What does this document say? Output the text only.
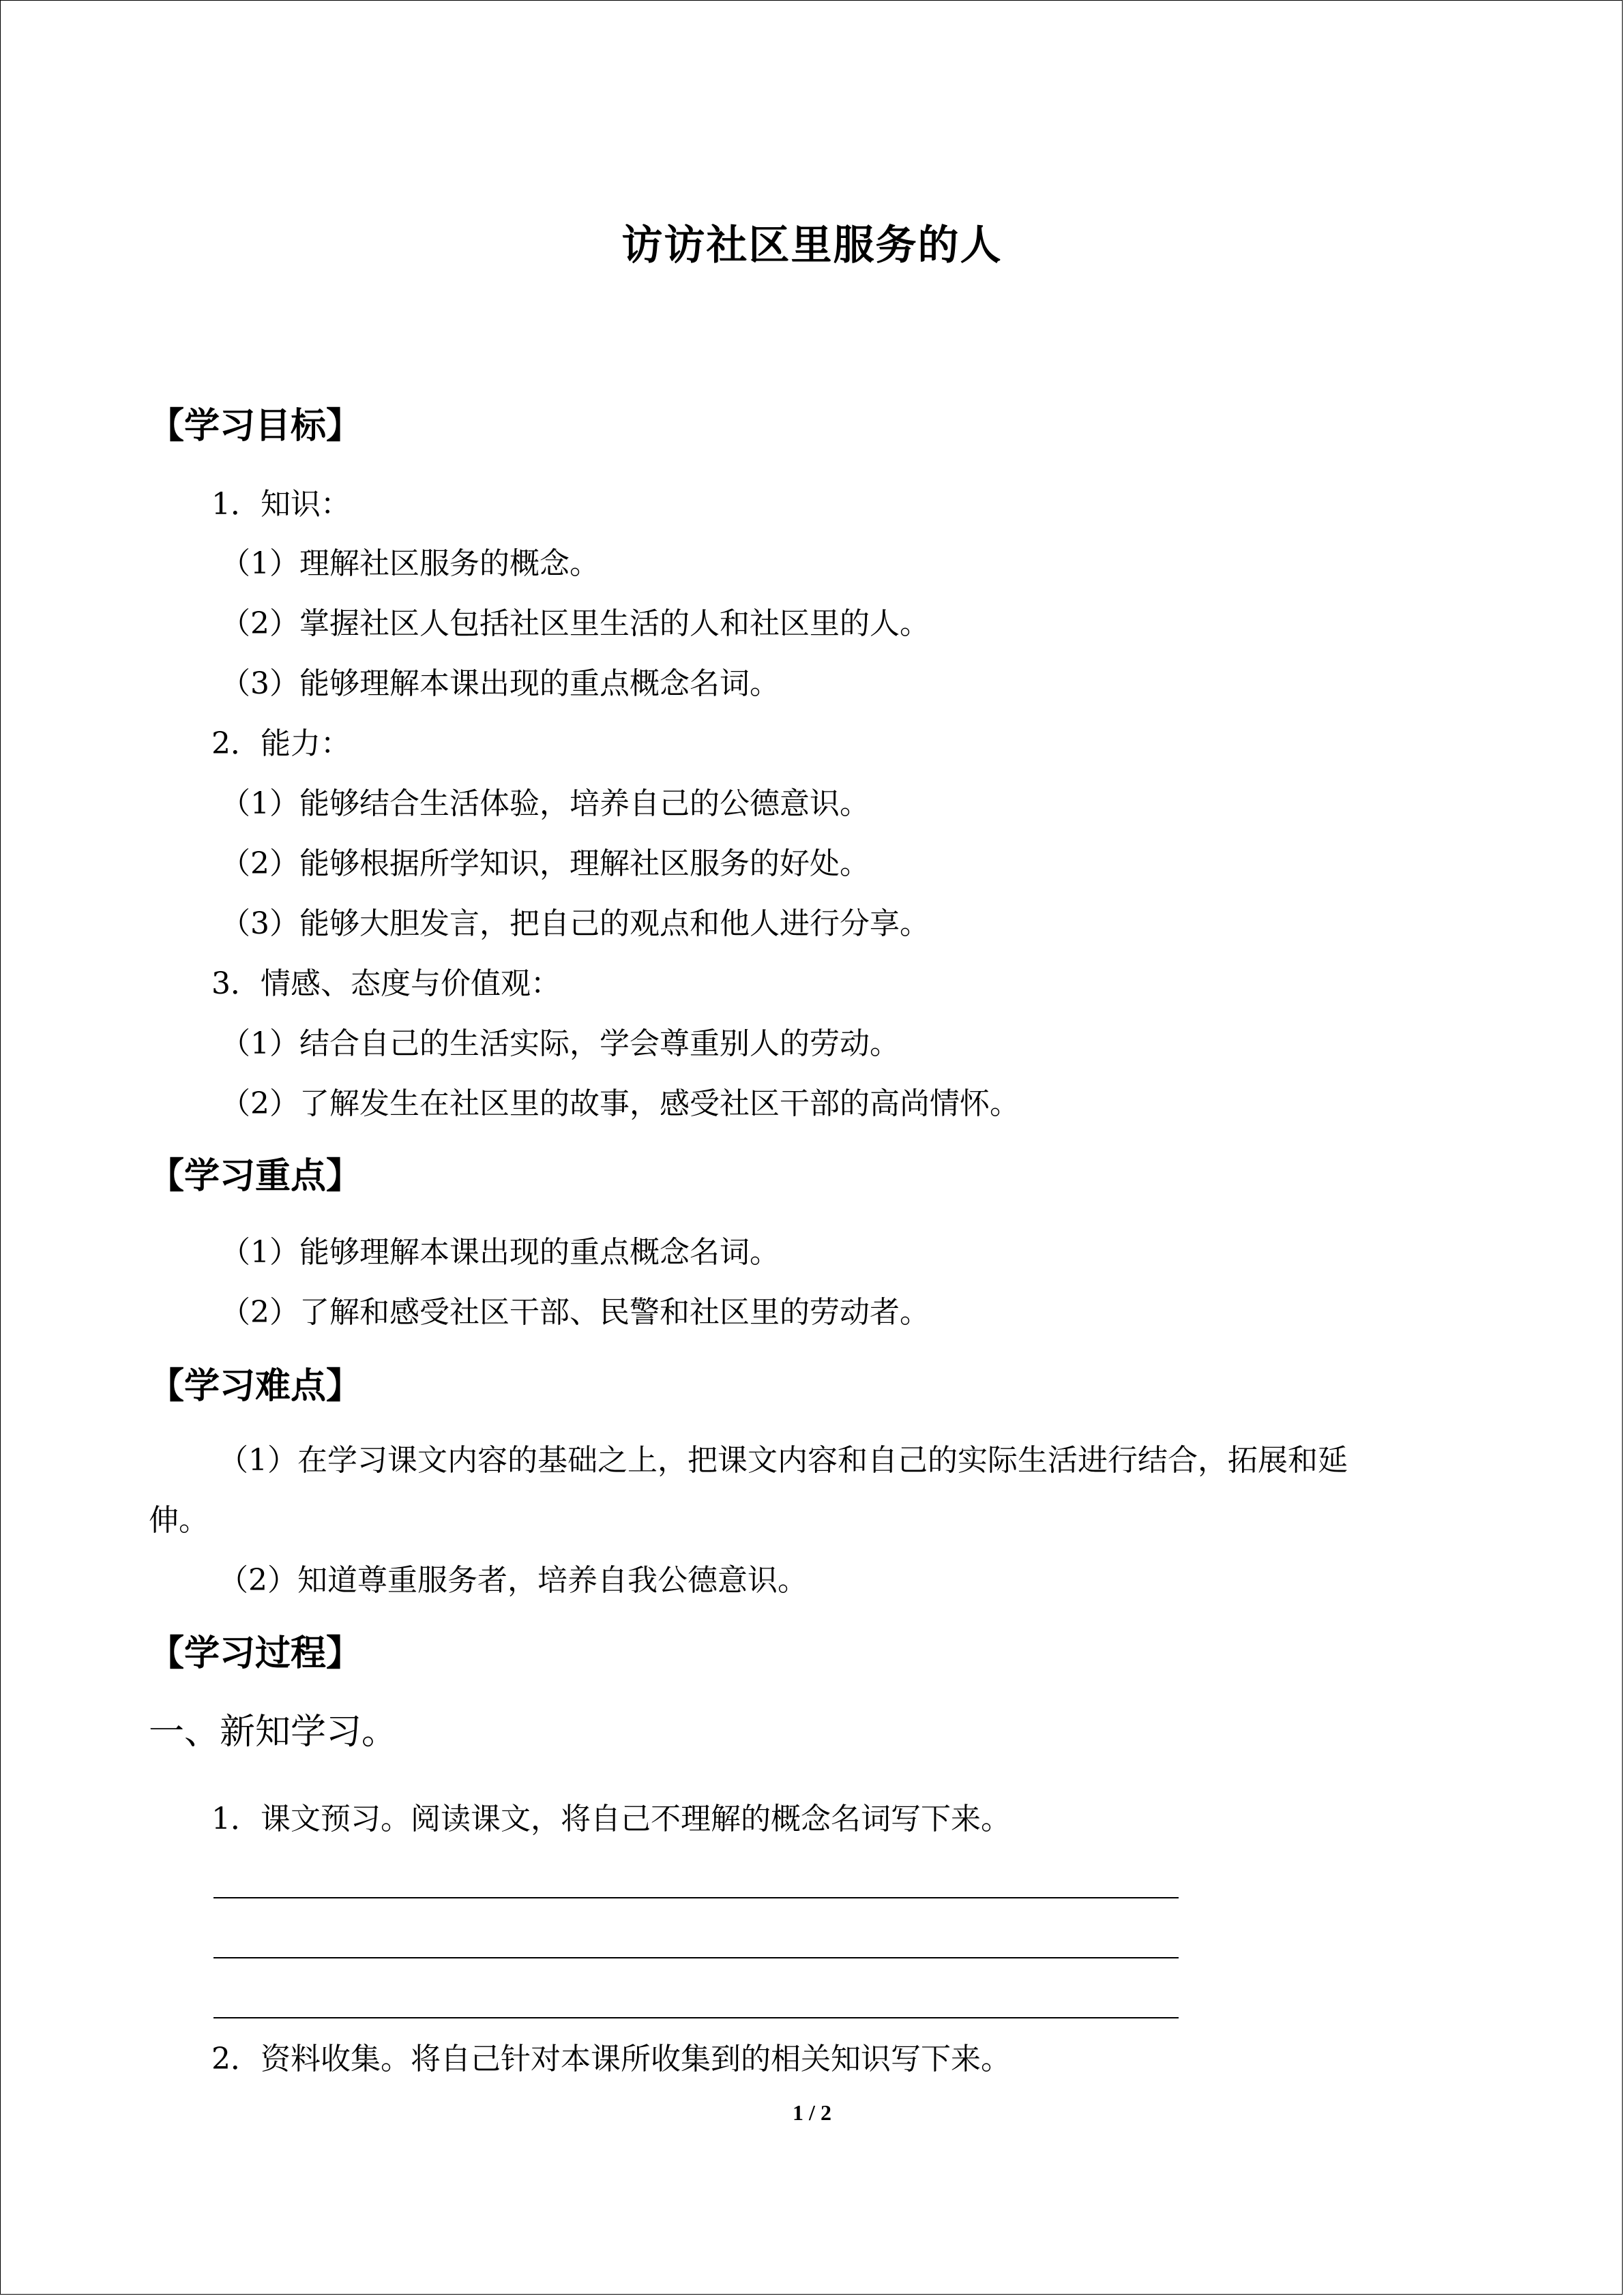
访访社区里服务的人
【学习目标】
1．知识：
（1）理解社区服务的概念。
（2）掌握社区人包括社区里生活的人和社区里的人。
（3）能够理解本课出现的重点概念名词。
2．能力：
（1）能够结合生活体验，培养自己的公德意识。
（2）能够根据所学知识，理解社区服务的好处。
（3）能够大胆发言，把自己的观点和他人进行分享。
3．情感、态度与价值观：
（1）结合自己的生活实际，学会尊重别人的劳动。
（2）了解发生在社区里的故事，感受社区干部的高尚情怀。
【学习重点】
（1）能够理解本课出现的重点概念名词。
（2）了解和感受社区干部、民警和社区里的劳动者。
【学习难点】
（1）在学习课文内容的基础之上，把课文内容和自己的实际生活进行结合，拓展和延
伸。
（2）知道尊重服务者，培养自我公德意识。
【学习过程】
一、新知学习。
1．课文预习。阅读课文，将自己不理解的概念名词写下来。
2．资料收集。将自己针对本课所收集到的相关知识写下来。
1 / 2
